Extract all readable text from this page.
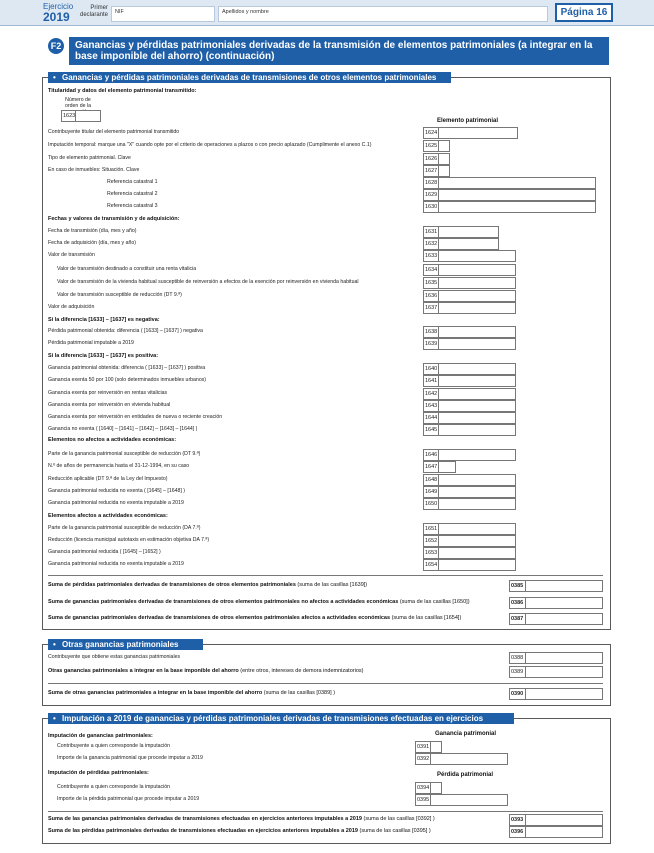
Ejercicio
2019
Primer declarante	NIF	Apellidos y nombre	Página 16
F2	Ganancias y pérdidas patrimoniales derivadas de la transmisión de elementos patrimoniales (a integrar en la base imponible del ahorro) (continuación)
• Ganancias y pérdidas patrimoniales derivadas de transmisiones de otros elementos patrimoniales
Titularidad y datos del elemento patrimonial transmitido:
Número de orden de la
1623
Elemento patrimonial
Fechas y valores de transmisión y de adquisición:
Si la diferencia [1633] – [1637] es negativa:
Si la diferencia [1633] – [1637] es positiva:
Elementos no afectos a actividades económicas:
Elementos afectos a actividades económicas:
Contribuyente titular del elemento patrimonial transmitido	1624
Imputación temporal: marque una "X" cuando opte por el criterio de operaciones a plazos o con precio aplazado (Cumplimente el anexo C.1)	1625
Tipo de elemento patrimonial. Clave	1626
En caso de inmuebles: Situación. Clave	1627
Referencia catastral 1	1628
Referencia catastral 2	1629
Referencia catastral 3	1630
Fecha de transmisión (día, mes y año)	1631
Fecha de adquisición (día, mes y año)	1632
Valor de transmisión	1633
Valor de transmisión destinado a constituir una renta vitalicia	1634
Valor de transmisión de la vivienda habitual susceptible de reinversión a efectos de la exención por reinversión en vivienda habitual	1635
Valor de transmisión susceptible de reducción (DT 9.ª)	1636
Valor de adquisición	1637
Pérdida patrimonial obtenida: diferencia ( [1633] – [1637] ) negativa	1638
Pérdida patrimonial imputable a 2019	1639
Ganancia patrimonial obtenida: diferencia ( [1633] – [1637] ) positiva	1640
Ganancia exenta 50 por 100 (solo determinados inmuebles urbanos)	1641
Ganancia exenta por reinversión en rentas vitalicias	1642
Ganancia exenta por reinversión en vivienda habitual	1643
Ganancia exenta por reinversión en entidades de nueva o reciente creación	1644
Ganancia no exenta ( [1640] – [1641] – [1642] – [1643] – [1644] )	1645
Parte de la ganancia patrimonial susceptible de reducción (DT 9.ª)	1646
N.º de años de permanencia hasta el 31-12-1994, en su caso	1647
Reducción aplicable (DT 9.ª de la Ley del Impuesto)	1648
Ganancia patrimonial reducida no exenta ( [1645] – [1648] )	1649
Ganancia patrimonial reducida no exenta imputable a 2019	1650
Parte de la ganancia patrimonial susceptible de reducción (DA 7.ª)	1651
Reducción (licencia municipal autotaxis en estimación objetiva DA 7.ª)	1652
Ganancia patrimonial reducida ( [1645] – [1652] )	1653
Ganancia patrimonial reducida no exenta imputable a 2019	1654
Suma de pérdidas patrimoniales derivadas de transmisiones de otros elementos patrimoniales (suma de las casillas [1639])	0385
Suma de ganancias patrimoniales derivadas de transmisiones de otros elementos patrimoniales no afectos a actividades económicas (suma de las casillas [1650])	0386
Suma de ganancias patrimoniales derivadas de transmisiones de otros elementos patrimoniales afectos a actividades económicas (suma de las casillas [1654])	0387
• Otras ganancias patrimoniales
Contribuyente que obtiene estas ganancias patrimoniales	0388
Otras ganancias patrimoniales a integrar en la base imponible del ahorro (entre otros, intereses de demora indemnizatorios)	0389
Suma de otras ganancias patrimoniales a integrar en la base imponible del ahorro (suma de las casillas [0389] )	0390
• Imputación a 2019 de ganancias y pérdidas patrimoniales derivadas de transmisiones efectuadas en ejercicios anteriores
Imputación de ganancias patrimoniales:	Ganancia patrimonial
Imputación de pérdidas patrimoniales:	Pérdida patrimonial
Contribuyente a quien corresponde la imputación	0391
Importe de la ganancia patrimonial que procede imputar a 2019	0392
Contribuyente a quien corresponde la imputación	0394
Importe de la pérdida patrimonial que procede imputar a 2019	0395
Suma de las ganancias patrimoniales derivadas de transmisiones efectuadas en ejercicios anteriores imputables a 2019 (suma de las casillas [0392] )	0393
Suma de las pérdidas patrimoniales derivadas de transmisiones efectuadas en ejercicios anteriores imputables a 2019 (suma de las casillas [0395] )	0396
